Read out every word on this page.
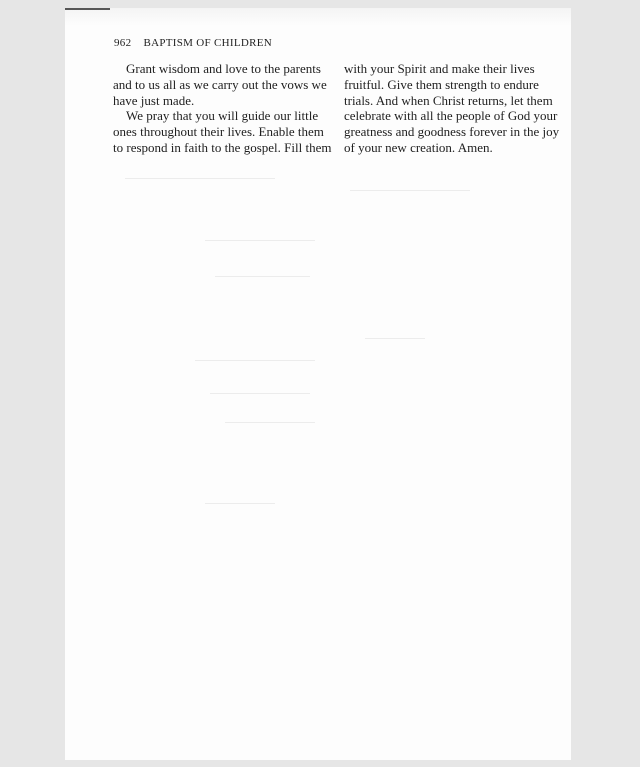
962 BAPTISM OF CHILDREN

Grant wisdom and love to the parents
and to us all as we carry out the vows we
have just made.

We pray that you will guide our little
ones throughout their lives. Enable them
to respond in faith to the gospel. Fill them

with your Spirit and make their lives
fruitful. Give them strength to endure
trials. And when Christ returns, let them
celebrate with all the people of God your
greatness and goodness forever in the joy
of your new creation. Amen.
